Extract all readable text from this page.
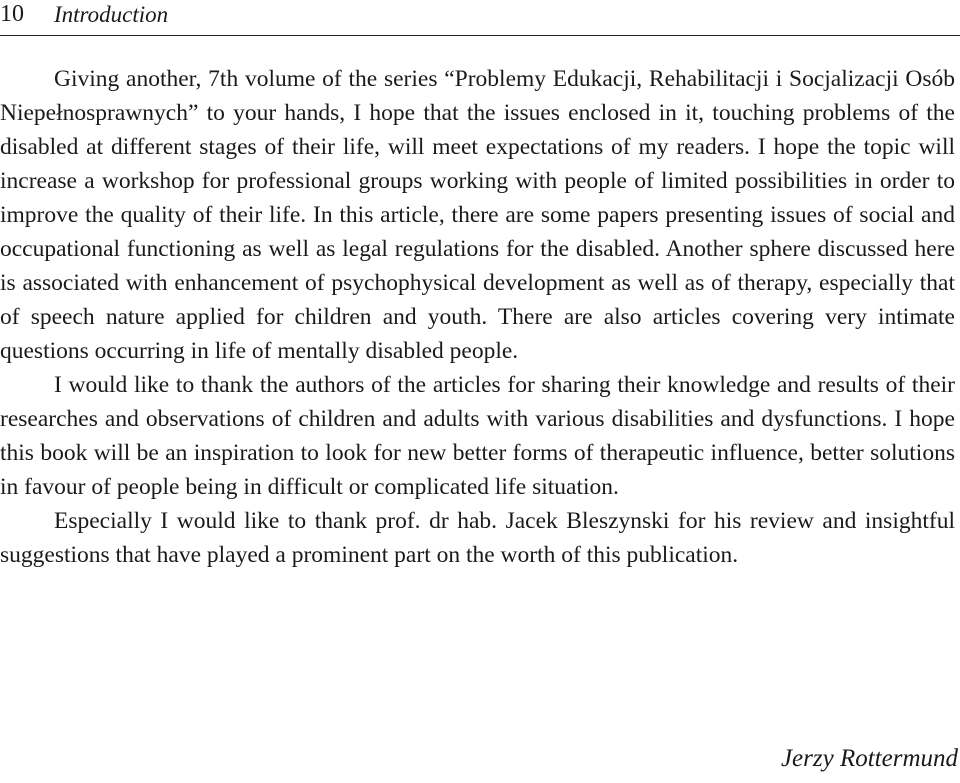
10 Introduction

Giving another, 7th volume of the series “Problemy Edukacji, Rehabilitacji i Socjalizacji Osób Niepełnosprawnych” to your hands, I hope that the issues enclosed in it, touching problems of the disabled at different stages of their life, will meet expectations of my readers. I hope the topic will increase a workshop for professional groups working with people of limited possibilities in order to improve the quality of their life. In this article, there are some papers presenting issues of social and occupational functioning as well as legal regulations for the disabled. Another sphere discussed here is associated with enhancement of psychophysical development as well as of therapy, especially that of speech nature applied for children and youth. There are also articles covering very intimate questions occurring in life of mentally disabled people.

I would like to thank the authors of the articles for sharing their knowledge and results of their researches and observations of children and adults with various disabilities and dysfunctions. I hope this book will be an inspiration to look for new better forms of therapeutic influence, better solutions in favour of people being in difficult or complicated life situation.

Especially I would like to thank prof. dr hab. Jacek Bleszynski for his review and insightful suggestions that have played a prominent part on the worth of this publication.

Jerzy Rottermund
